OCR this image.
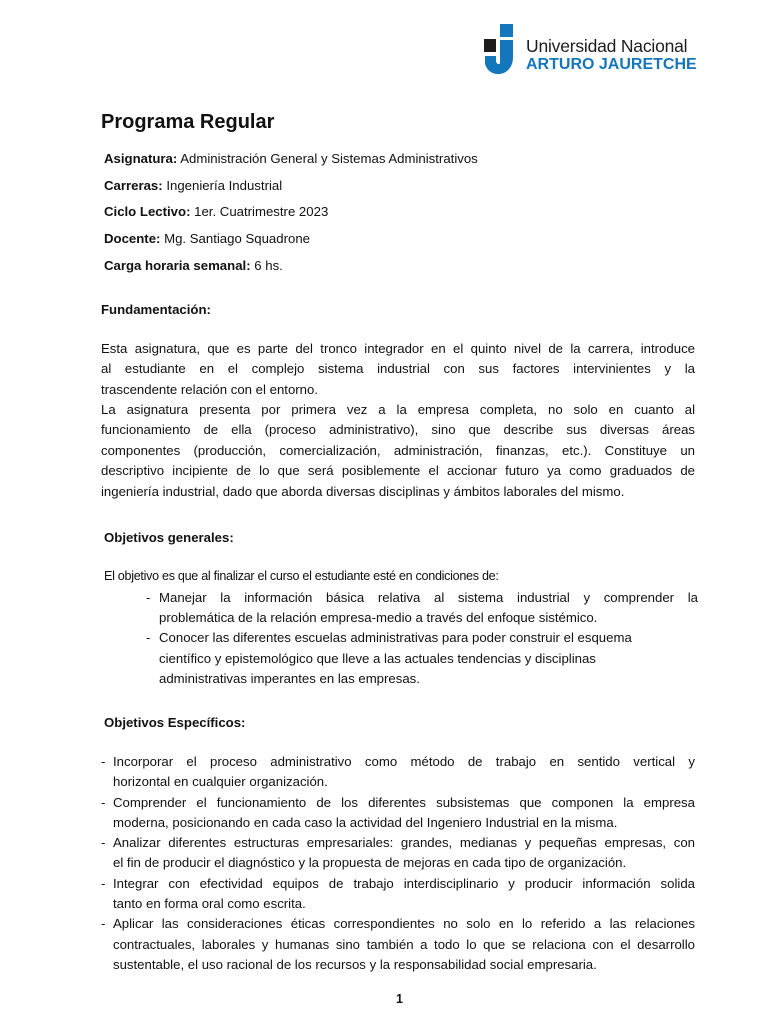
Universidad Nacional
ARTURO JAURETCHE
Programa Regular
Asignatura: Administración General y Sistemas Administrativos
Carreras: Ingeniería Industrial
Ciclo Lectivo: 1er. Cuatrimestre 2023
Docente: Mg. Santiago Squadrone
Carga horaria semanal: 6 hs.
Fundamentación:
Esta asignatura, que es parte del tronco integrador en el quinto nivel de la carrera, introduce
al estudiante en el complejo sistema industrial con sus factores intervinientes y la
trascendente relación con el entorno.
La asignatura presenta por primera vez a la empresa completa, no solo en cuanto al
funcionamiento de ella (proceso administrativo), sino que describe sus diversas áreas
componentes (producción, comercialización, administración, finanzas, etc.). Constituye un
descriptivo incipiente de lo que será posiblemente el accionar futuro ya como graduados de
ingeniería industrial, dado que aborda diversas disciplinas y ámbitos laborales del mismo.
Objetivos generales:
El objetivo es que al finalizar el curso el estudiante esté en condiciones de:
- Manejar la información básica relativa al sistema industrial y comprender la
problemática de la relación empresa-medio a través del enfoque sistémico.
- Conocer las diferentes escuelas administrativas para poder construir el esquema
científico y epistemológico que lleve a las actuales tendencias y disciplinas
administrativas imperantes en las empresas.
Objetivos Específicos:
- Incorporar el proceso administrativo como método de trabajo en sentido vertical y
horizontal en cualquier organización.
- Comprender el funcionamiento de los diferentes subsistemas que componen la empresa
moderna, posicionando en cada caso la actividad del Ingeniero Industrial en la misma.
- Analizar diferentes estructuras empresariales: grandes, medianas y pequeñas empresas, con
el fin de producir el diagnóstico y la propuesta de mejoras en cada tipo de organización.
- Integrar con efectividad equipos de trabajo interdisciplinario y producir información solida
tanto en forma oral como escrita.
- Aplicar las consideraciones éticas correspondientes no solo en lo referido a las relaciones
contractuales, laborales y humanas sino también a todo lo que se relaciona con el desarrollo
sustentable, el uso racional de los recursos y la responsabilidad social empresaria.
1
